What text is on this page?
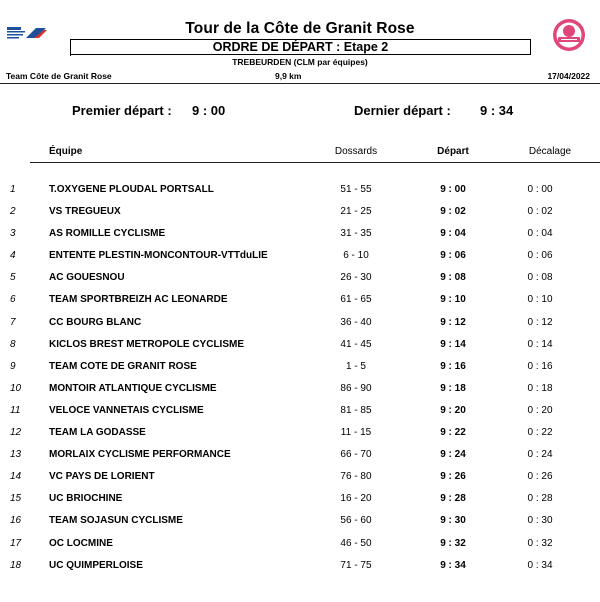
Tour de la Côte de Granit Rose
ORDRE DE DÉPART : Etape 2
TREBEURDEN (CLM par équipes)
Team Côte de Granit Rose	9,9 km	17/04/2022
Premier départ : 9 : 00	Dernier départ : 9 : 34
Équipe	Dossards	Départ	Décalage
1	T.OXYGENE PLOUDAL PORTSALL	51 - 55	9 : 00	0 : 00
2	VS TREGUEUX	21 - 25	9 : 02	0 : 02
3	AS ROMILLE CYCLISME	31 - 35	9 : 04	0 : 04
4	ENTENTE PLESTIN-MONCONTOUR-VTTduLIE	6 - 10	9 : 06	0 : 06
5	AC GOUESNOU	26 - 30	9 : 08	0 : 08
6	TEAM SPORTBREIZH AC LEONARDE	61 - 65	9 : 10	0 : 10
7	CC BOURG BLANC	36 - 40	9 : 12	0 : 12
8	KICLOS BREST METROPOLE CYCLISME	41 - 45	9 : 14	0 : 14
9	TEAM COTE DE GRANIT ROSE	1 - 5	9 : 16	0 : 16
10	MONTOIR ATLANTIQUE CYCLISME	86 - 90	9 : 18	0 : 18
11	VELOCE VANNETAIS CYCLISME	81 - 85	9 : 20	0 : 20
12	TEAM LA GODASSE	11 - 15	9 : 22	0 : 22
13	MORLAIX CYCLISME PERFORMANCE	66 - 70	9 : 24	0 : 24
14	VC PAYS DE LORIENT	76 - 80	9 : 26	0 : 26
15	UC BRIOCHINE	16 - 20	9 : 28	0 : 28
16	TEAM SOJASUN CYCLISME	56 - 60	9 : 30	0 : 30
17	OC LOCMINE	46 - 50	9 : 32	0 : 32
18	UC QUIMPERLOISE	71 - 75	9 : 34	0 : 34
